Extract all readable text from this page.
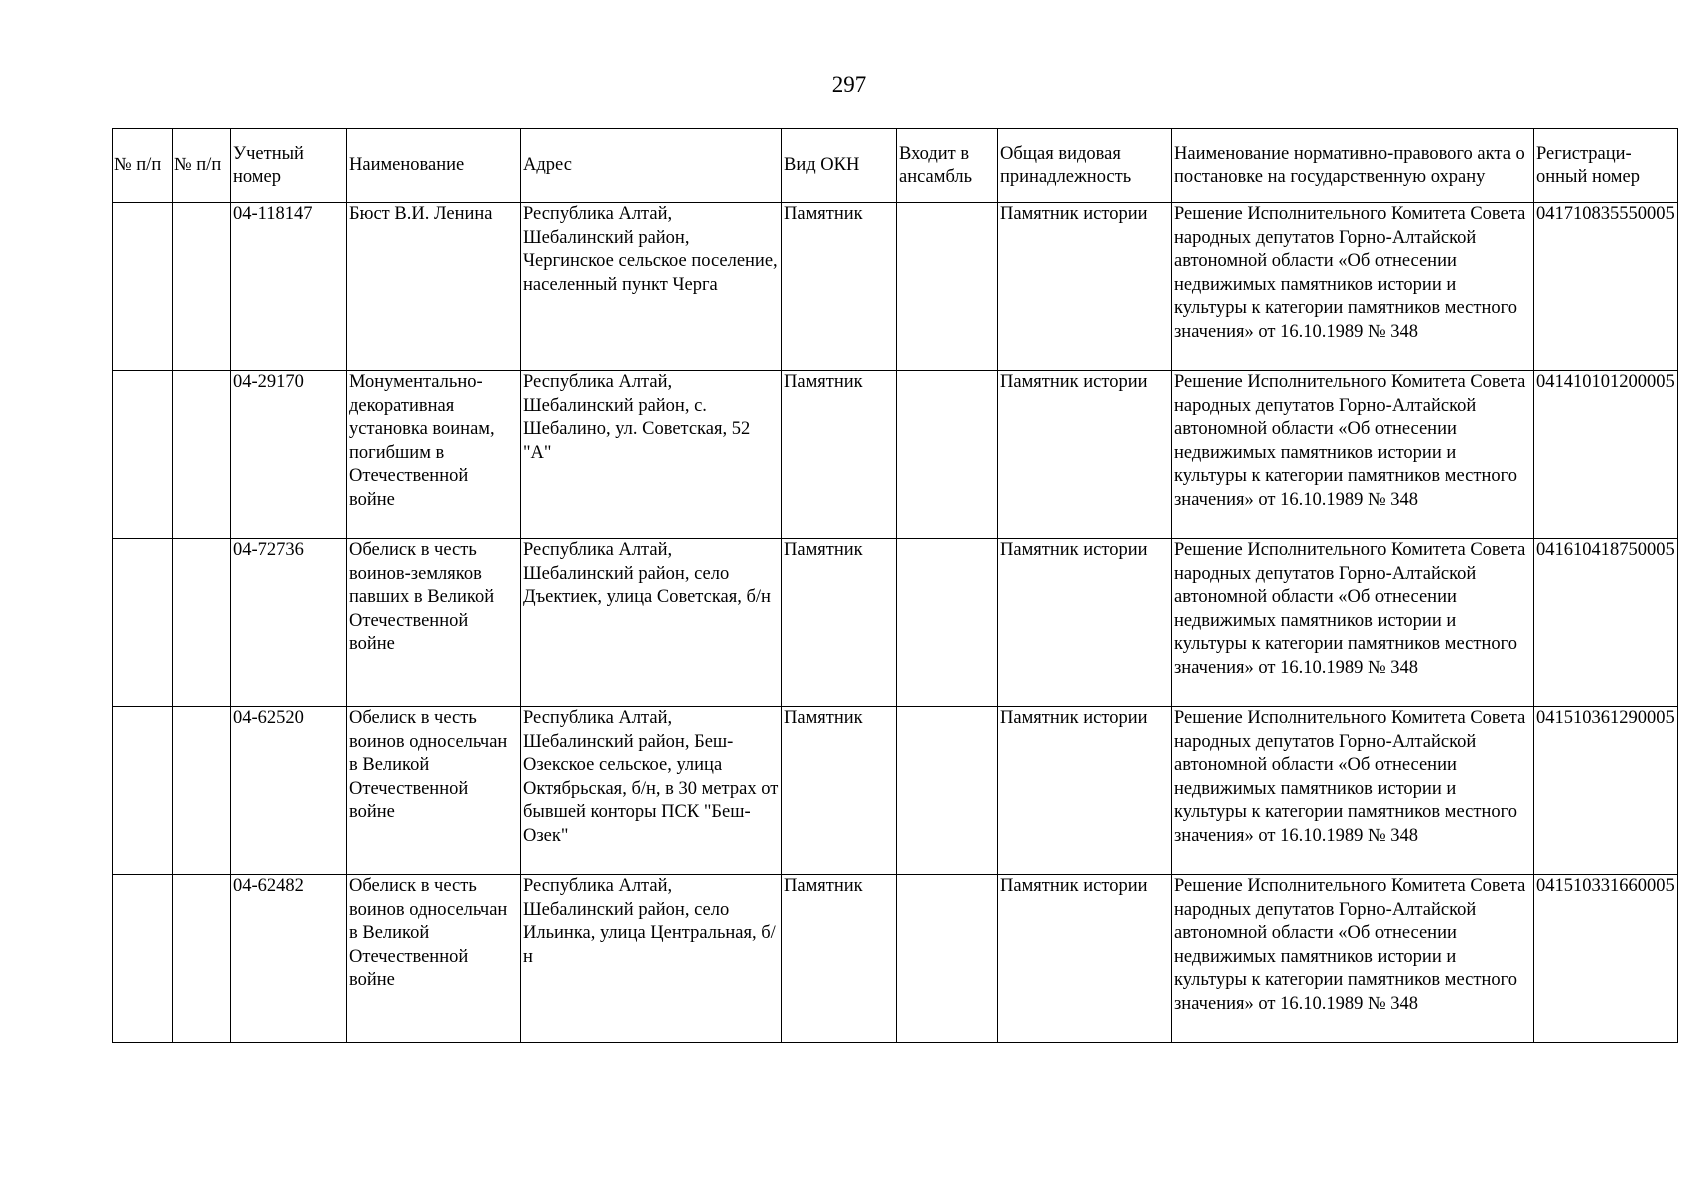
297
№ п/п	№ п/п	Учетный номер	Наименование	Адрес	Вид ОКН	Входит в ансамбль	Общая видовая принадлежность	Наименование нормативно-правового акта о постановке на государственную охрану	Регистраци-онный номер
		04-118147	Бюст В.И. Ленина	Республика Алтай, Шебалинский район, Чергинское сельское поселение, населенный пункт Черга	Памятник		Памятник истории	Решение Исполнительного Комитета Совета народных депутатов Горно-Алтайской автономной области «Об отнесении недвижимых памятников истории и культуры к категории памятников местного значения» от 16.10.1989 № 348	041710835550005
		04-29170	Монументально-декоративная установка воинам, погибшим в Отечественной войне	Республика Алтай, Шебалинский район, с. Шебалино, ул. Советская, 52 "А"	Памятник		Памятник истории	Решение Исполнительного Комитета Совета народных депутатов Горно-Алтайской автономной области «Об отнесении недвижимых памятников истории и культуры к категории памятников местного значения» от 16.10.1989 № 348	041410101200005
		04-72736	Обелиск в честь воинов-земляков павших в Великой Отечественной войне	Республика Алтай, Шебалинский район, село Дъектиек, улица Советская, б/н	Памятник		Памятник истории	Решение Исполнительного Комитета Совета народных депутатов Горно-Алтайской автономной области «Об отнесении недвижимых памятников истории и культуры к категории памятников местного значения» от 16.10.1989 № 348	041610418750005
		04-62520	Обелиск в честь воинов односельчан в Великой Отечественной войне	Республика Алтай, Шебалинский район, Беш-Озекское сельское, улица Октябрьская, б/н, в 30 метрах от бывшей конторы ПСК "Беш-Озек"	Памятник		Памятник истории	Решение Исполнительного Комитета Совета народных депутатов Горно-Алтайской автономной области «Об отнесении недвижимых памятников истории и культуры к категории памятников местного значения» от 16.10.1989 № 348	041510361290005
		04-62482	Обелиск в честь воинов односельчан в Великой Отечественной войне	Республика Алтай, Шебалинский район, село Ильинка, улица Центральная, б/н	Памятник		Памятник истории	Решение Исполнительного Комитета Совета народных депутатов Горно-Алтайской автономной области «Об отнесении недвижимых памятников истории и культуры к категории памятников местного значения» от 16.10.1989 № 348	041510331660005
